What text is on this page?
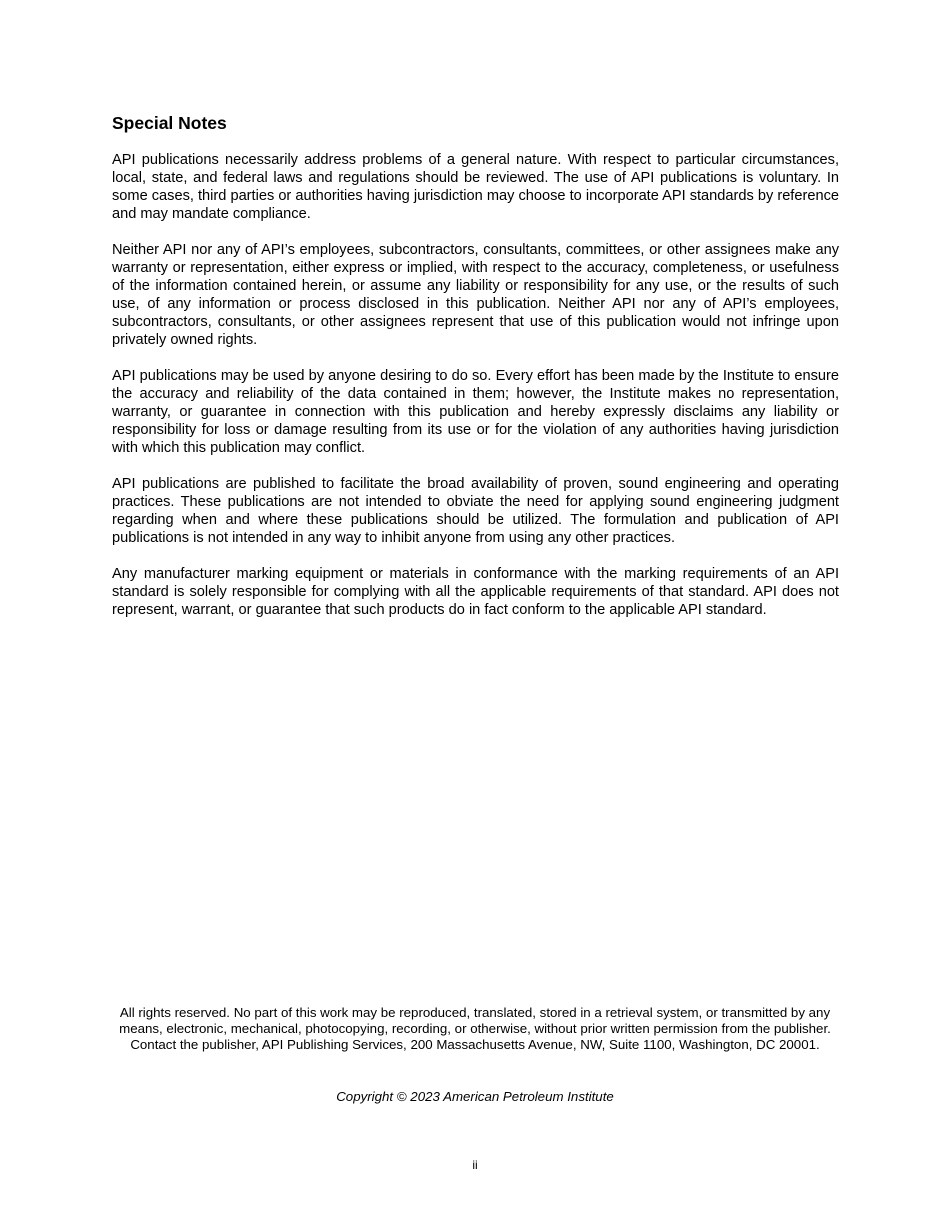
Special Notes

API publications necessarily address problems of a general nature. With respect to particular circumstances, local, state, and federal laws and regulations should be reviewed. The use of API publications is voluntary. In some cases, third parties or authorities having jurisdiction may choose to incorporate API standards by reference and may mandate compliance.

Neither API nor any of API’s employees, subcontractors, consultants, committees, or other assignees make any warranty or representation, either express or implied, with respect to the accuracy, completeness, or usefulness of the information contained herein, or assume any liability or responsibility for any use, or the results of such use, of any information or process disclosed in this publication. Neither API nor any of API’s employees, subcontractors, consultants, or other assignees represent that use of this publication would not infringe upon privately owned rights.

API publications may be used by anyone desiring to do so. Every effort has been made by the Institute to ensure the accuracy and reliability of the data contained in them; however, the Institute makes no representation, warranty, or guarantee in connection with this publication and hereby expressly disclaims any liability or responsibility for loss or damage resulting from its use or for the violation of any authorities having jurisdiction with which this publication may conflict.

API publications are published to facilitate the broad availability of proven, sound engineering and operating practices. These publications are not intended to obviate the need for applying sound engineering judgment regarding when and where these publications should be utilized. The formulation and publication of API publications is not intended in any way to inhibit anyone from using any other practices.

Any manufacturer marking equipment or materials in conformance with the marking requirements of an API standard is solely responsible for complying with all the applicable requirements of that standard. API does not represent, warrant, or guarantee that such products do in fact conform to the applicable API standard.

All rights reserved. No part of this work may be reproduced, translated, stored in a retrieval system, or transmitted by any means, electronic, mechanical, photocopying, recording, or otherwise, without prior written permission from the publisher. Contact the publisher, API Publishing Services, 200 Massachusetts Avenue, NW, Suite 1100, Washington, DC 20001.

Copyright © 2023 American Petroleum Institute

ii
